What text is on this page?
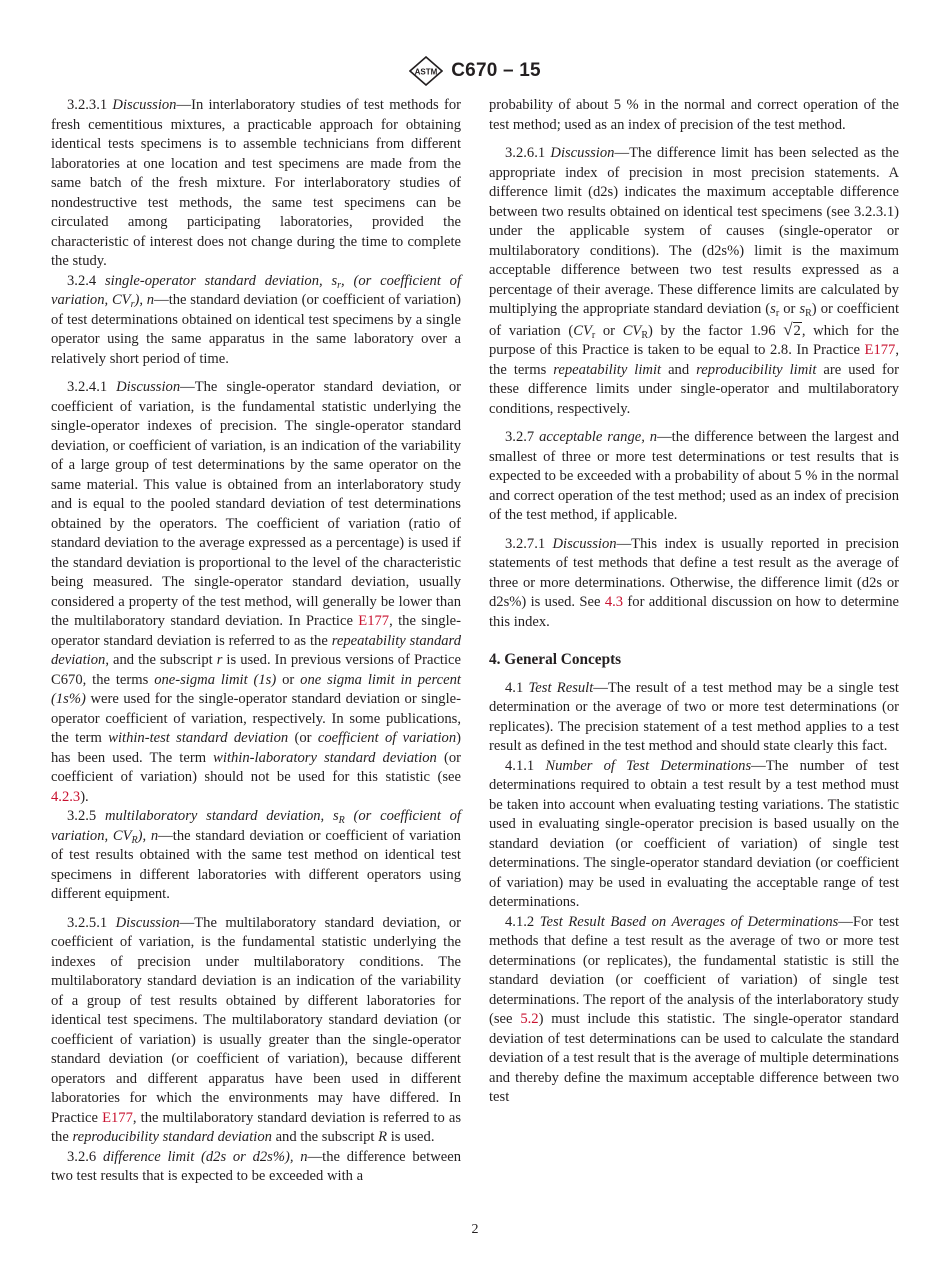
ASTM C670 – 15

3.2.3.1 Discussion—In interlaboratory studies of test methods for fresh cementitious mixtures, a practicable approach for obtaining identical tests specimens is to assemble technicians from different laboratories at one location and test specimens are made from the same batch of the fresh mixture. For interlaboratory studies of nondestructive test methods, the same test specimens can be circulated among participating laboratories, provided the characteristic of interest does not change during the time to complete the study.

3.2.4 single-operator standard deviation, $s_r$, (or coefficient of variation, $CV_r$), n—the standard deviation (or coefficient of variation) of test determinations obtained on identical test specimens by a single operator using the same apparatus in the same laboratory over a relatively short period of time.

3.2.4.1 Discussion—The single-operator standard deviation, or coefficient of variation, is the fundamental statistic underlying the single-operator indexes of precision. The single-operator standard deviation, or coefficient of variation, is an indication of the variability of a large group of test determinations by the same operator on the same material. This value is obtained from an interlaboratory study and is equal to the pooled standard deviation of test determinations obtained by the operators. The coefficient of variation (ratio of standard deviation to the average expressed as a percentage) is used if the standard deviation is proportional to the level of the characteristic being measured. The single-operator standard deviation, usually considered a property of the test method, will generally be lower than the multilaboratory standard deviation. In Practice E177, the single-operator standard deviation is referred to as the repeatability standard deviation, and the subscript r is used. In previous versions of Practice C670, the terms one-sigma limit (1s) or one sigma limit in percent (1s%) were used for the single-operator standard deviation or single-operator coefficient of variation, respectively. In some publications, the term within-test standard deviation (or coefficient of variation) has been used. The term within-laboratory standard deviation (or coefficient of variation) should not be used for this statistic (see 4.2.3).

3.2.5 multilaboratory standard deviation, $s_R$ (or coefficient of variation, $CV_R$), n—the standard deviation or coefficient of variation of test results obtained with the same test method on identical test specimens in different laboratories with different operators using different equipment.

3.2.5.1 Discussion—The multilaboratory standard deviation, or coefficient of variation, is the fundamental statistic underlying the indexes of precision under multilaboratory conditions. The multilaboratory standard deviation is an indication of the variability of a group of test results obtained by different laboratories for identical test specimens. The multilaboratory standard deviation (or coefficient of variation) is usually greater than the single-operator standard deviation (or coefficient of variation), because different operators and different apparatus have been used in different laboratories for which the environments may have differed. In Practice E177, the multilaboratory standard deviation is referred to as the reproducibility standard deviation and the subscript R is used.

3.2.6 difference limit (d2s or d2s%), n—the difference between two test results that is expected to be exceeded with a

probability of about 5 % in the normal and correct operation of the test method; used as an index of precision of the test method.

3.2.6.1 Discussion—The difference limit has been selected as the appropriate index of precision in most precision statements. A difference limit (d2s) indicates the maximum acceptable difference between two results obtained on identical test specimens (see 3.2.3.1) under the applicable system of causes (single-operator or multilaboratory conditions). The (d2s%) limit is the maximum acceptable difference between two test results expressed as a percentage of their average. These difference limits are calculated by multiplying the appropriate standard deviation ($s_r$ or $s_R$) or coefficient of variation ($CV_r$ or $CV_R$) by the factor 1.96 √2, which for the purpose of this Practice is taken to be equal to 2.8. In Practice E177, the terms repeatability limit and reproducibility limit are used for these difference limits under single-operator and multilaboratory conditions, respectively.

3.2.7 acceptable range, n—the difference between the largest and smallest of three or more test determinations or test results that is expected to be exceeded with a probability of about 5 % in the normal and correct operation of the test method; used as an index of precision of the test method, if applicable.

3.2.7.1 Discussion—This index is usually reported in precision statements of test methods that define a test result as the average of three or more determinations. Otherwise, the difference limit (d2s or d2s%) is used. See 4.3 for additional discussion on how to determine this index.

4. General Concepts

4.1 Test Result—The result of a test method may be a single test determination or the average of two or more test determinations (or replicates). The precision statement of a test method applies to a test result as defined in the test method and should state clearly this fact.

4.1.1 Number of Test Determinations—The number of test determinations required to obtain a test result by a test method must be taken into account when evaluating testing variations. The statistic used in evaluating single-operator precision is based usually on the standard deviation (or coefficient of variation) of single test determinations. The single-operator standard deviation (or coefficient of variation) may be used in evaluating the acceptable range of test determinations.

4.1.2 Test Result Based on Averages of Determinations—For test methods that define a test result as the average of two or more test determinations (or replicates), the fundamental statistic is still the standard deviation (or coefficient of variation) of single test determinations. The report of the analysis of the interlaboratory study (see 5.2) must include this statistic. The single-operator standard deviation of test determinations can be used to calculate the standard deviation of a test result that is the average of multiple determinations and thereby define the maximum acceptable difference between two test

2
